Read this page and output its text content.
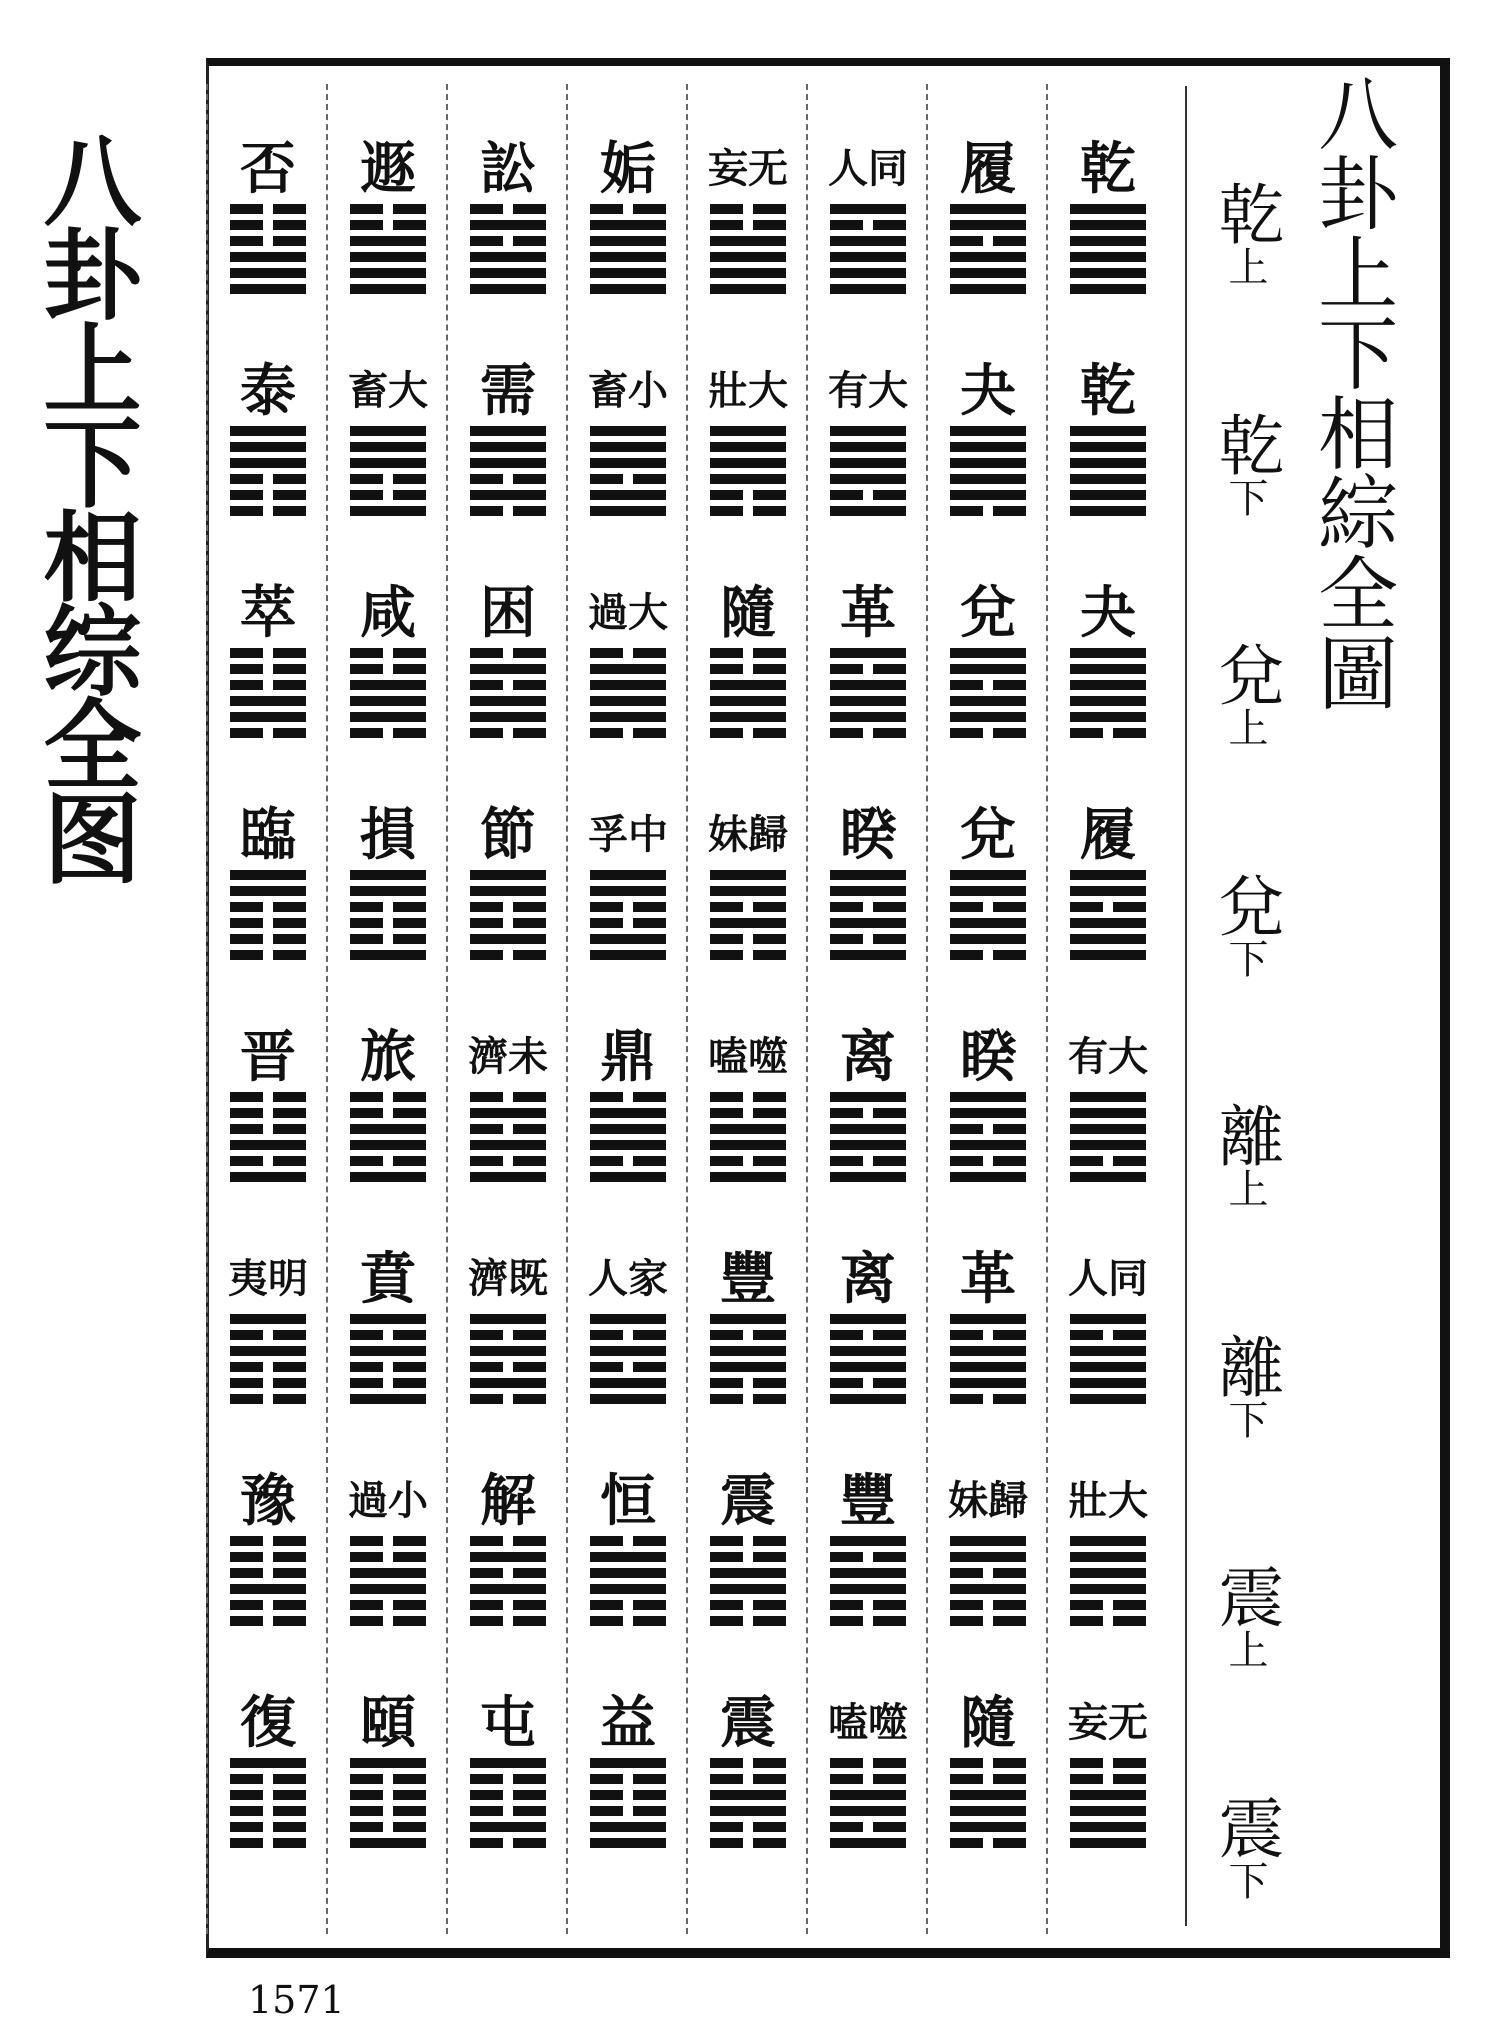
八卦上下相综全图	八卦上下相綜全圖
乾上
乾下
兌上
兌下
離上
離下
震上
震下
乾
乾
夬
履
有大
人同
壯大
妄无
履
夬
兌
兌
睽
革
妹歸
隨
人同
有大
革
睽
离
离
豐
嗑噬
妄无
壯大
隨
妹歸
嗑噬
豐
震
震
姤
畜小
過大
孚中
鼎
人家
恒
益
訟
需
困
節
濟未
濟既
解
屯
遯
畜大
咸
損
旅
賁
過小
頤
否
泰
萃
臨
晋
夷明
豫
復
1571
